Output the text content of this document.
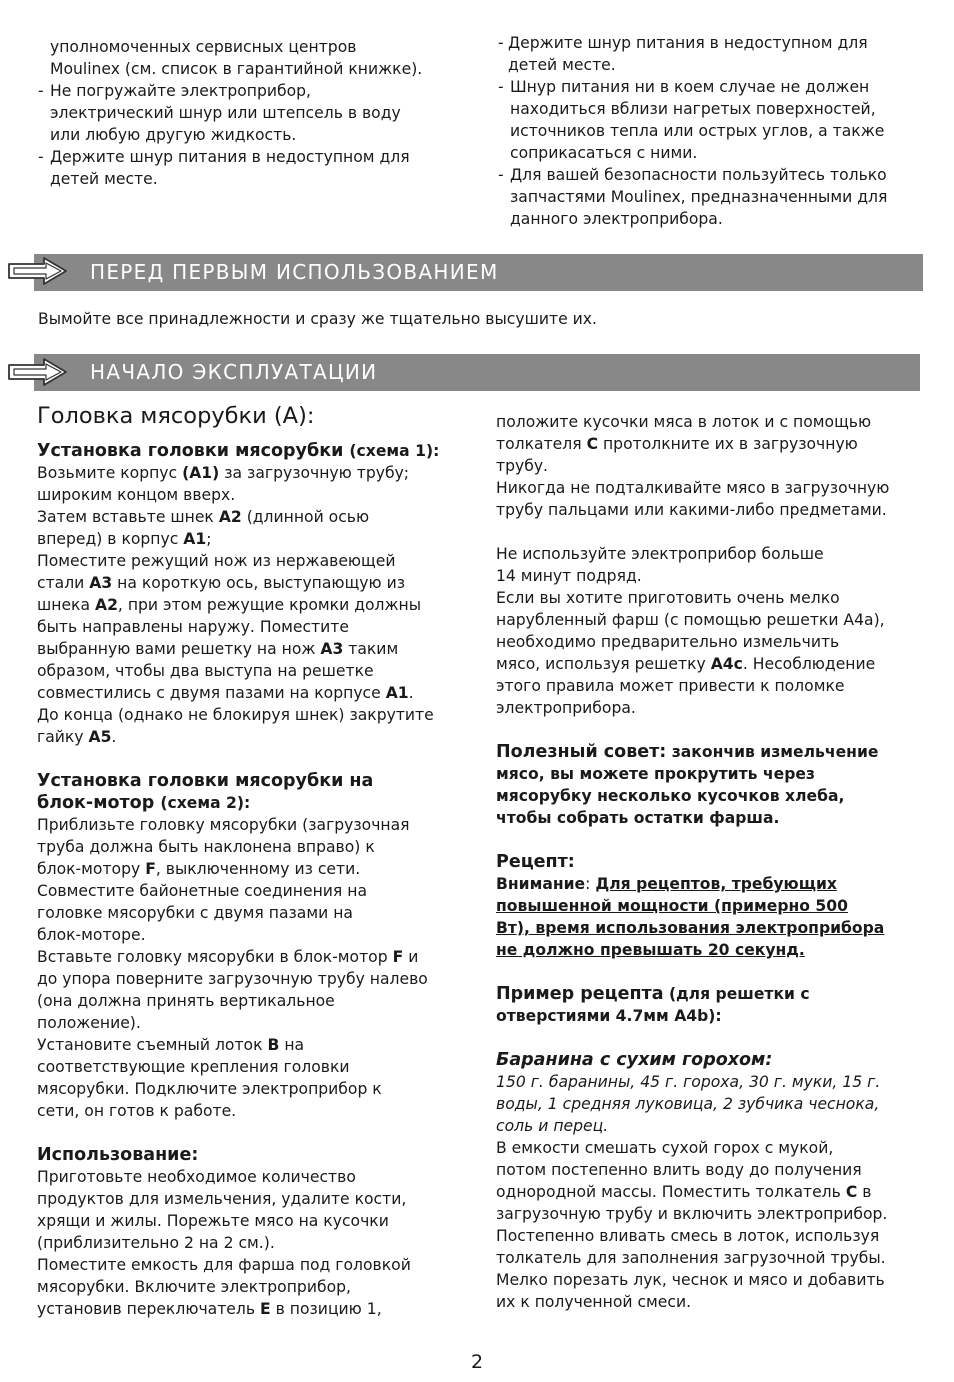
уполномоченных сервисных центров

Moulinex (см. список в гарантийной книжке).

- Не погружайте электроприбор,
электрический шнур или штепсель в воду
или любую другую жидкость.
- Держите шнур питания в недоступном для
детей месте.
- Держите шнур питания в недоступном для
детей месте.
- Шнур питания ни в коем случае не должен
находиться вблизи нагретых поверхностей,
источников тепла или острых углов, а также
соприкасаться с ними.
- Для вашей безопасности пользуйтесь только
запчастями Moulinex, предназначенными для
данного электроприбора.
ПЕРЕД ПЕРВЫМ ИСПОЛЬЗОВАНИЕМ

Вымойте все принадлежности и сразу же тщательно высушите их.

НАЧАЛО ЭКСПЛУАТАЦИИ
Головка мясорубки (А):
Установка головки мясорубки (схема 1):

Возьмите корпус (A1) за загрузочную трубу;
широким концом вверх.
Затем вставьте шнек A2 (длинной осью
вперед) в корпус A1;
Поместите режущий нож из нержавеющей
стали A3 на короткую ось, выступающую из
шнека A2, при этом режущие кромки должны
быть направлены наружу. Поместите
выбранную вами решетку на нож A3 таким
образом, чтобы два выступа на решетке
совместились с двумя пазами на корпусе A1.
До конца (однако не блокируя шнек) закрутите
гайку A5.

Установка головки мясорубки на
блок-мотор (схема 2):

Приблизьте головку мясорубки (загрузочная
труба должна быть наклонена вправо) к
блок-мотору F, выключенному из сети.
Совместите байонетные соединения на
головке мясорубки с двумя пазами на
блок-моторе.
Вставьте головку мясорубки в блок-мотор F и
до упора поверните загрузочную трубу налево
(она должна принять вертикальное
положение).
Установите съемный лоток B на
соответствующие крепления головки
мясорубки. Подключите электроприбор к
сети, он готов к работе.

Использование:

Приготовьте необходимое количество
продуктов для измельчения, удалите кости,
хрящи и жилы. Порежьте мясо на кусочки
(приблизительно 2 на 2 см.).
Поместите емкость для фарша под головкой
мясорубки. Включите электроприбор,
установив переключатель E в позицию 1,

положите кусочки мяса в лоток и с помощью
толкателя C протолкните их в загрузочную
трубу.
Никогда не подталкивайте мясо в загрузочную
трубу пальцами или какими-либо предметами.

Не используйте электроприбор больше
14 минут подряд.
Если вы хотите приготовить очень мелко
нарубленный фарш (с помощью решетки А4а),
необходимо предварительно измельчить
мясо, используя решетку A4c. Несоблюдение
этого правила может привести к поломке
электроприбора.

Полезный совет: закончив измельчение
мясо, вы можете прокрутить через
мясорубку несколько кусочков хлеба,
чтобы собрать остатки фарша.

Рецепт:

Внимание: Для рецептов, требующих
повышенной мощности (примерно 500
Вт), время использования электроприбора
не должно превышать 20 секунд.

Пример рецепта (для решетки с
отверстиями 4.7мм А4b):
Баранина с сухим горохом:

150 г. баранины, 45 г. гороха, 30 г. муки, 15 г.
воды, 1 средняя луковица, 2 зубчика чеснока,
соль и перец.

В емкости смешать сухой горох с мукой,
потом постепенно влить воду до получения
однородной массы. Поместить толкатель C в
загрузочную трубу и включить электроприбор.
Постепенно вливать смесь в лоток, используя
толкатель для заполнения загрузочной трубы.
Мелко порезать лук, чеснок и мясо и добавить
их к полученной смеси.

2
